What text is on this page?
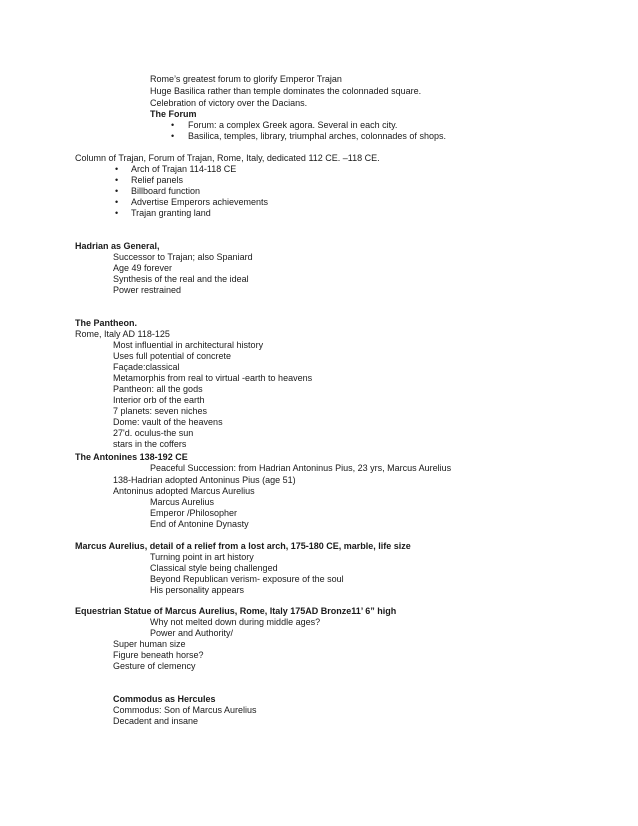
Rome’s greatest forum to glorify Emperor Trajan
Huge Basilica rather than temple dominates the colonnaded square.
Celebration of victory over the Dacians.
The Forum
• Forum: a complex Greek agora. Several in each city.
• Basilica, temples, library, triumphal arches, colonnades of shops.
Column of Trajan, Forum of Trajan, Rome, Italy, dedicated 112 CE. –118 CE.
• Arch of Trajan 114-118 CE
• Relief panels
• Billboard function
• Advertise Emperors achievements
• Trajan granting land
Hadrian as General,
Successor to Trajan; also Spaniard
Age 49 forever
Synthesis of the real and the ideal
Power restrained
The Pantheon.
Rome, Italy AD 118-125
Most influential in architectural history
Uses full potential of concrete
Façade:classical
Metamorphis from real to virtual -earth to heavens
Pantheon: all the gods
Interior orb of the earth
7 planets: seven niches
Dome: vault of the heavens
27'd. oculus-the sun
stars in the coffers
The Antonines 138-192 CE
Peaceful Succession: from Hadrian Antoninus Pius, 23 yrs, Marcus Aurelius
138-Hadrian adopted Antoninus Pius (age 51)
Antoninus adopted Marcus Aurelius
Marcus Aurelius
Emperor /Philosopher
End of Antonine Dynasty
Marcus Aurelius, detail of a relief from a lost arch, 175-180 CE, marble, life size
Turning point in art history
Classical style being challenged
Beyond Republican verism- exposure of the soul
His personality appears
Equestrian Statue of Marcus Aurelius, Rome, Italy 175AD Bronze11’ 6” high
Why not melted down during middle ages?
Power and Authority/
Super human size
Figure beneath horse?
Gesture of clemency
Commodus as Hercules
Commodus: Son of Marcus Aurelius
Decadent and insane
